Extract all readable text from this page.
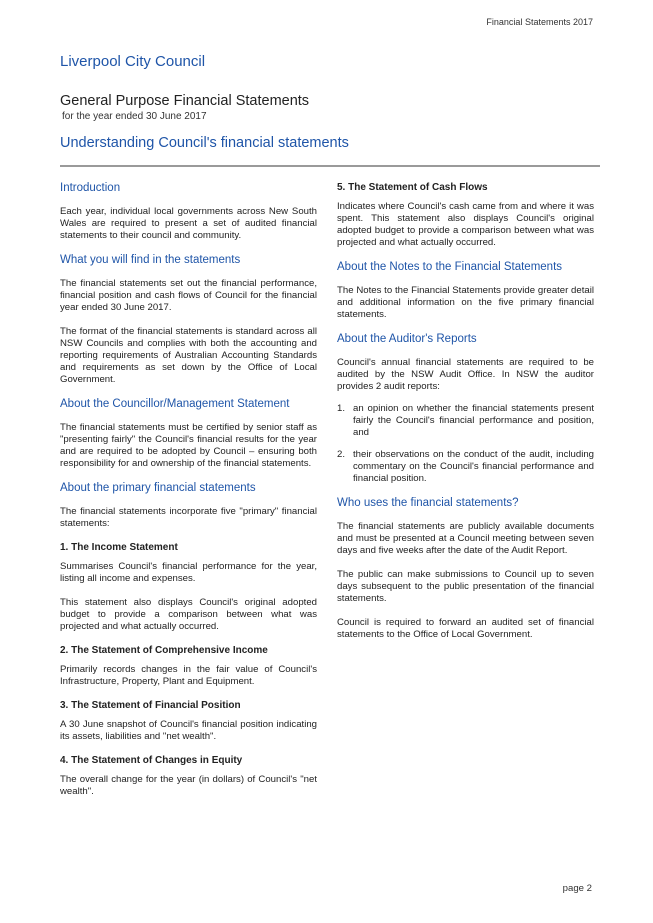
Financial Statements 2017
Liverpool City Council
General Purpose Financial Statements
for the year ended 30 June 2017
Understanding Council's financial statements
Introduction

Each year, individual local governments across New South Wales are required to present a set of audited financial statements to their council and community.

What you will find in the statements

The financial statements set out the financial performance, financial position and cash flows of Council for the financial year ended 30 June 2017.

The format of the financial statements is standard across all NSW Councils and complies with both the accounting and reporting requirements of Australian Accounting Standards and requirements as set down by the Office of Local Government.

About the Councillor/Management Statement

The financial statements must be certified by senior staff as "presenting fairly" the Council's financial results for the year and are required to be adopted by Council – ensuring both responsibility for and ownership of the financial statements.

About the primary financial statements

The financial statements incorporate five "primary" financial statements:

1. The Income Statement

Summarises Council's financial performance for the year, listing all income and expenses.

This statement also displays Council's original adopted budget to provide a comparison between what was projected and what actually occurred.

2. The Statement of Comprehensive Income

Primarily records changes in the fair value of Council's Infrastructure, Property, Plant and Equipment.

3. The Statement of Financial Position

A 30 June snapshot of Council's financial position indicating its assets, liabilities and "net wealth".

4. The Statement of Changes in Equity

The overall change for the year (in dollars) of Council's "net wealth".

5. The Statement of Cash Flows

Indicates where Council's cash came from and where it was spent. This statement also displays Council's original adopted budget to provide a comparison between what was projected and what actually occurred.

About the Notes to the Financial Statements

The Notes to the Financial Statements provide greater detail and additional information on the five primary financial statements.

About the Auditor's Reports

Council's annual financial statements are required to be audited by the NSW Audit Office. In NSW the auditor provides 2 audit reports:

1. an opinion on whether the financial statements present fairly the Council's financial performance and position, and
2. their observations on the conduct of the audit, including commentary on the Council's financial performance and financial position.
Who uses the financial statements?

The financial statements are publicly available documents and must be presented at a Council meeting between seven days and five weeks after the date of the Audit Report.

The public can make submissions to Council up to seven days subsequent to the public presentation of the financial statements.

Council is required to forward an audited set of financial statements to the Office of Local Government.

page 2
